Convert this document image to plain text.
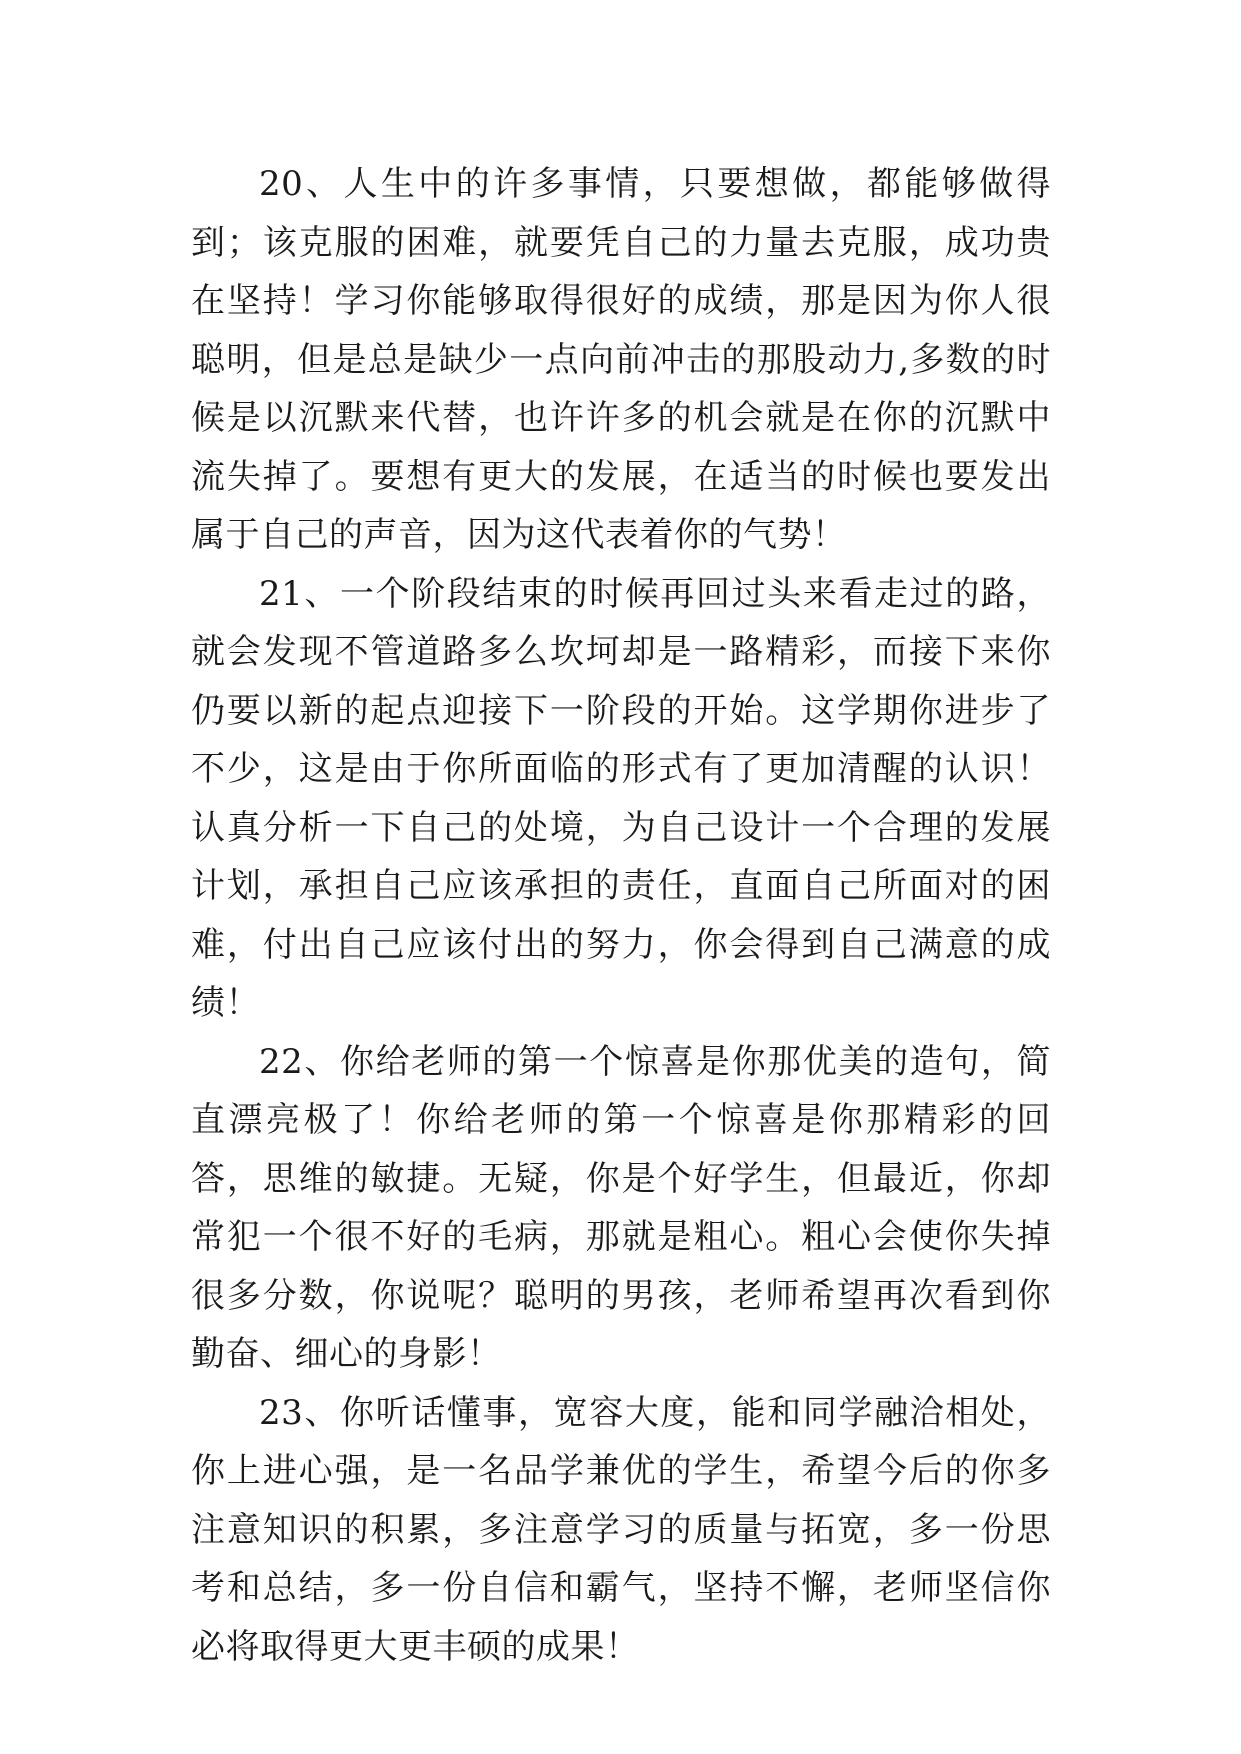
20、人生中的许多事情，只要想做，都能够做得到；该克服的困难，就要凭自己的力量去克服，成功贵在坚持！学习你能够取得很好的成绩，那是因为你人很聪明，但是总是缺少一点向前冲击的那股动力,多数的时候是以沉默来代替，也许许多的机会就是在你的沉默中流失掉了。要想有更大的发展，在适当的时候也要发出属于自己的声音，因为这代表着你的气势！

21、一个阶段结束的时候再回过头来看走过的路，就会发现不管道路多么坎坷却是一路精彩，而接下来你仍要以新的起点迎接下一阶段的开始。这学期你进步了不少，这是由于你所面临的形式有了更加清醒的认识！认真分析一下自己的处境，为自己设计一个合理的发展计划，承担自己应该承担的责任，直面自己所面对的困难，付出自己应该付出的努力，你会得到自己满意的成绩！

22、你给老师的第一个惊喜是你那优美的造句，简直漂亮极了！你给老师的第一个惊喜是你那精彩的回答，思维的敏捷。无疑，你是个好学生，但最近，你却常犯一个很不好的毛病，那就是粗心。粗心会使你失掉很多分数，你说呢？聪明的男孩，老师希望再次看到你勤奋、细心的身影！

23、你听话懂事，宽容大度，能和同学融洽相处，你上进心强，是一名品学兼优的学生，希望今后的你多注意知识的积累，多注意学习的质量与拓宽，多一份思考和总结，多一份自信和霸气，坚持不懈，老师坚信你必将取得更大更丰硕的成果！
